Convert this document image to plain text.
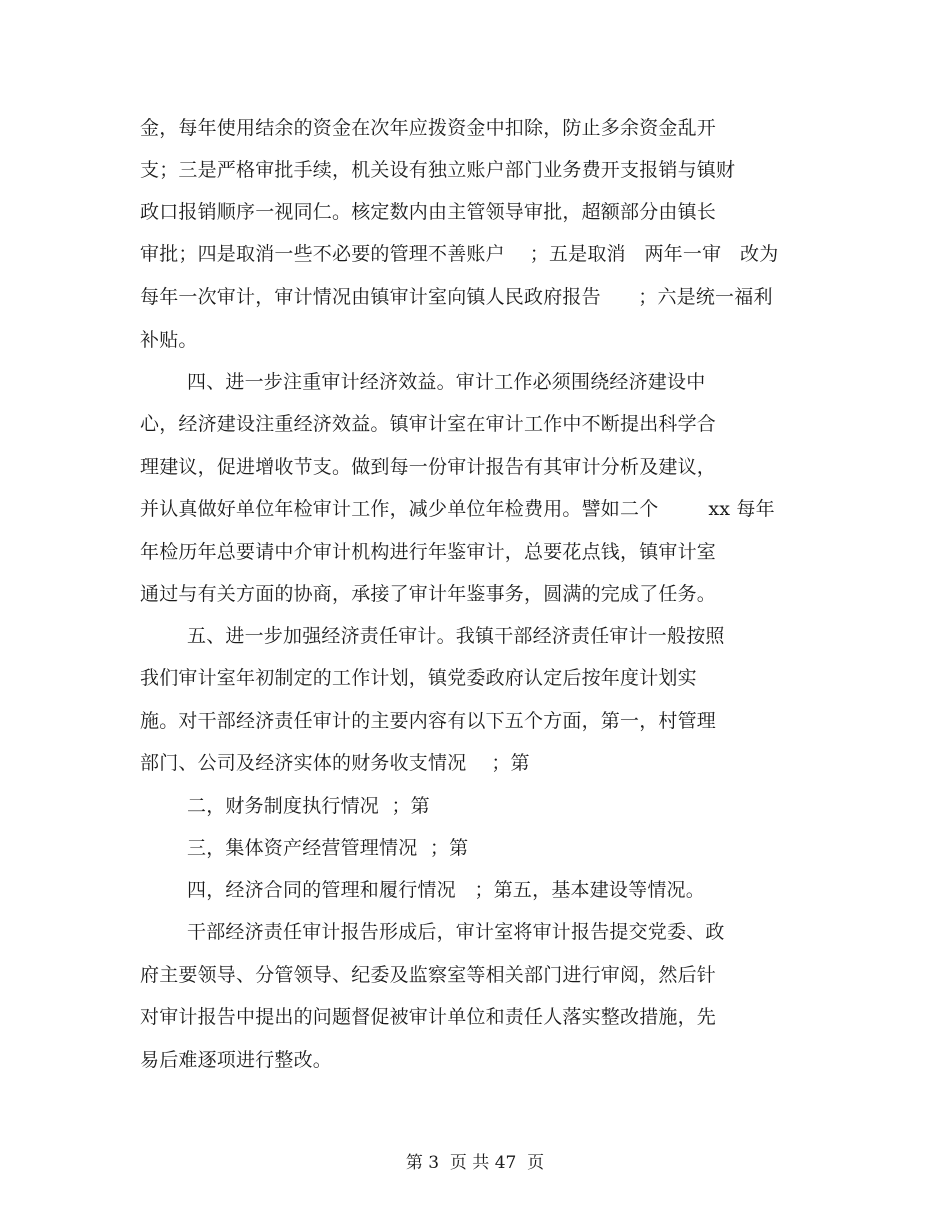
金，每年使用结余的资金在次年应拨资金中扣除，防止多余资金乱开
支；三是严格审批手续，机关设有独立账户部门业务费开支报销与镇财
政口报销顺序一视同仁。核定数内由主管领导审批，超额部分由镇长
审批；四是取消一些不必要的管理不善账户    ；五是取消   两年一审   改为
每年一次审计，审计情况由镇审计室向镇人民政府报告      ；六是统一福利
补贴。
四、进一步注重审计经济效益。审计工作必须围绕经济建设中
心，经济建设注重经济效益。镇审计室在审计工作中不断提出科学合
理建议，促进增收节支。做到每一份审计报告有其审计分析及建议，
并认真做好单位年检审计工作，减少单位年检费用。譬如二个        xx 每年
年检历年总要请中介审计机构进行年鉴审计，总要花点钱，镇审计室
通过与有关方面的协商，承接了审计年鉴事务，圆满的完成了任务。
五、进一步加强经济责任审计。我镇干部经济责任审计一般按照
我们审计室年初制定的工作计划，镇党委政府认定后按年度计划实
施。对干部经济责任审计的主要内容有以下五个方面，第一，村管理
部门、公司及经济实体的财务收支情况    ；第
二，财务制度执行情况  ；第
三，集体资产经营管理情况  ；第
四，经济合同的管理和履行情况   ；第五，基本建设等情况。
干部经济责任审计报告形成后，审计室将审计报告提交党委、政
府主要领导、分管领导、纪委及监察室等相关部门进行审阅，然后针
对审计报告中提出的问题督促被审计单位和责任人落实整改措施，先
易后难逐项进行整改。
第 3  页 共 47  页
